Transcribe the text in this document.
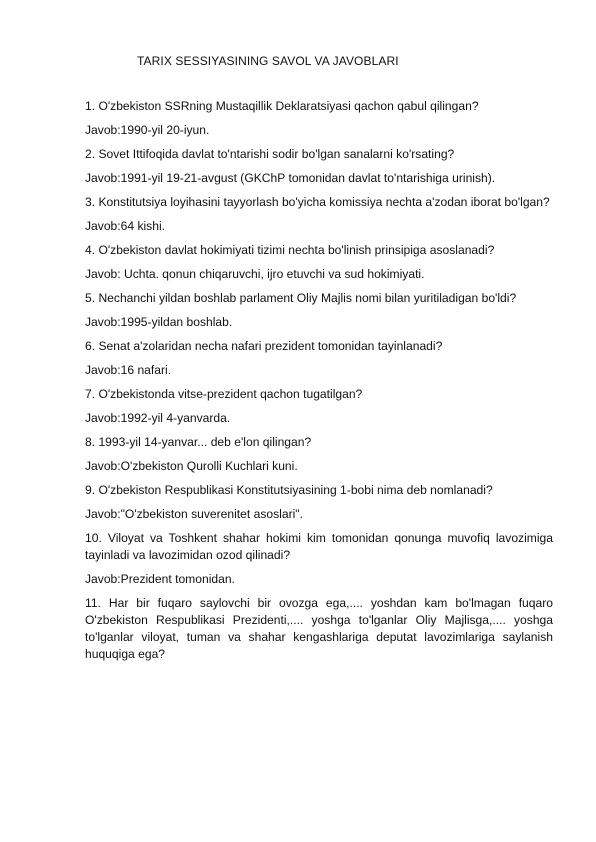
TARIX SESSIYASINING SAVOL VA JAVOBLARI

1. O'zbekiston SSRning Mustaqillik Deklaratsiyasi qachon qabul qilingan?

Javob:1990-yil 20-iyun.

2. Sovet Ittifoqida davlat to'ntarishi sodir bo'lgan sanalarni ko'rsating?

Javob:1991-yil 19-21-avgust (GKChP tomonidan davlat to'ntarishiga urinish).

3. Konstitutsiya loyihasini tayyorlash bo'yicha komissiya nechta a'zodan iborat bo'lgan?

Javob:64 kishi.

4. O'zbekiston davlat hokimiyati tizimi nechta bo'linish prinsipiga asoslanadi?

Javob: Uchta. qonun chiqaruvchi, ijro etuvchi va sud hokimiyati.

5. Nechanchi yildan boshlab parlament Oliy Majlis nomi bilan yuritiladigan bo'ldi?

Javob:1995-yildan boshlab.

6. Senat a'zolaridan necha nafari prezident tomonidan tayinlanadi?

Javob:16 nafari.

7. O'zbekistonda vitse-prezident qachon tugatilgan?

Javob:1992-yil 4-yanvarda.

8. 1993-yil 14-yanvar... deb e'lon qilingan?

Javob:O'zbekiston Qurolli Kuchlari kuni.

9. O'zbekiston Respublikasi Konstitutsiyasining 1-bobi nima deb nomlanadi?

Javob:"O'zbekiston suverenitet asoslari".

10. Viloyat va Toshkent shahar hokimi kim tomonidan qonunga muvofiq lavozimiga tayinladi va lavozimidan ozod qilinadi?

Javob:Prezident tomonidan.

11. Har bir fuqaro saylovchi bir ovozga ega,.... yoshdan kam bo'lmagan fuqaro O'zbekiston Respublikasi Prezidenti,.... yoshga to'lganlar Oliy Majlisga,.... yoshga to'lganlar viloyat, tuman va shahar kengashlariga deputat lavozimlariga saylanish huquqiga ega?
